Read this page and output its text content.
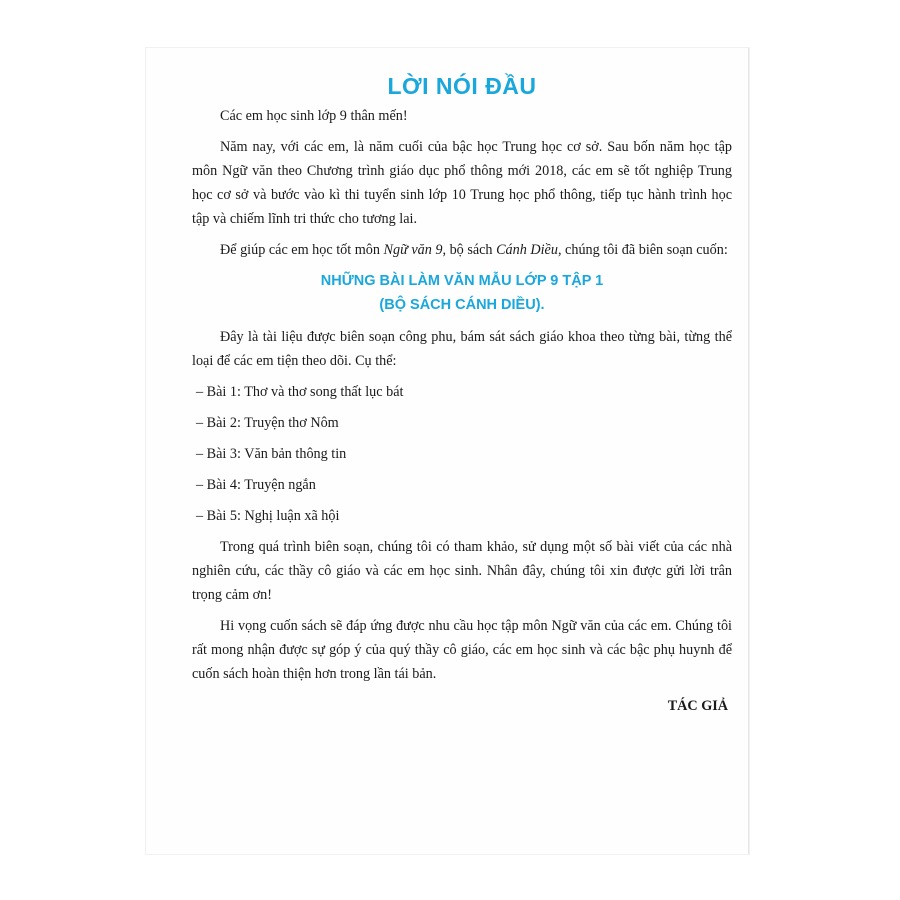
LỜI NÓI ĐẦU

Các em học sinh lớp 9 thân mến!

Năm nay, với các em, là năm cuối của bậc học Trung học cơ sở. Sau bốn năm học tập môn Ngữ văn theo Chương trình giáo dục phổ thông mới 2018, các em sẽ tốt nghiệp Trung học cơ sở và bước vào kì thi tuyển sinh lớp 10 Trung học phổ thông, tiếp tục hành trình học tập và chiếm lĩnh tri thức cho tương lai.

Để giúp các em học tốt môn Ngữ văn 9, bộ sách Cánh Diều, chúng tôi đã biên soạn cuốn:

NHỮNG BÀI LÀM VĂN MẪU LỚP 9 TẬP 1
(BỘ SÁCH CÁNH DIỀU).

Đây là tài liệu được biên soạn công phu, bám sát sách giáo khoa theo từng bài, từng thể loại để các em tiện theo dõi. Cụ thể:

– Bài 1: Thơ và thơ song thất lục bát

– Bài 2: Truyện thơ Nôm

– Bài 3: Văn bản thông tin

– Bài 4: Truyện ngắn

– Bài 5: Nghị luận xã hội

Trong quá trình biên soạn, chúng tôi có tham khảo, sử dụng một số bài viết của các nhà nghiên cứu, các thầy cô giáo và các em học sinh. Nhân đây, chúng tôi xin được gửi lời trân trọng cảm ơn!

Hi vọng cuốn sách sẽ đáp ứng được nhu cầu học tập môn Ngữ văn của các em. Chúng tôi rất mong nhận được sự góp ý của quý thầy cô giáo, các em học sinh và các bậc phụ huynh để cuốn sách hoàn thiện hơn trong lần tái bản.

TÁC GIẢ
